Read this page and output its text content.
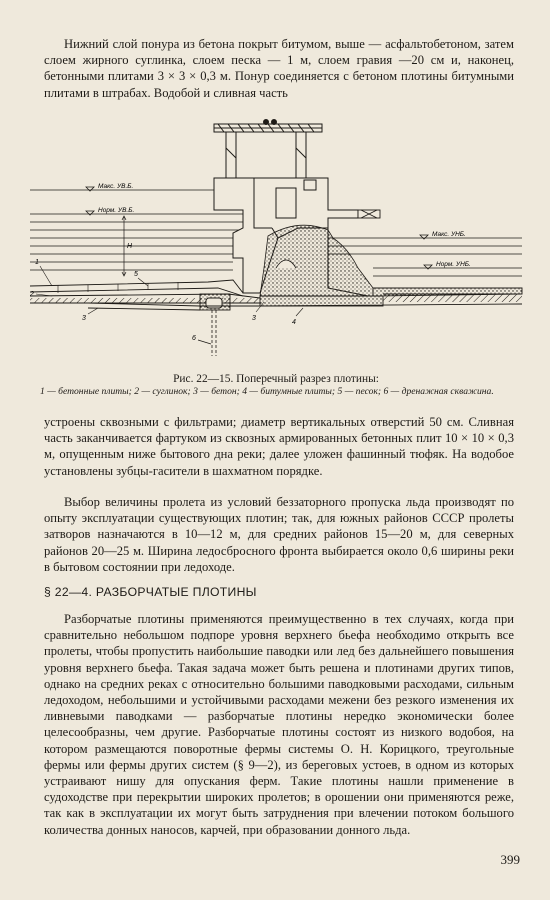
Нижний слой понура из бетона покрыт битумом, выше — асфальтобетоном, затем слоем жирного суглинка, слоем песка — 1 м, слоем гравия —20 см и, наконец, бетонными плитами 3 × 3 × 0,3 м. Понур соединяется с бетоном плотины битумными плитами в штрабах. Водобой и сливная часть

Макс. УВ.Б.
Норм. УВ.Б.
Макс. УНБ.
Норм. УНБ.
H
1
2
3	3
4
5
6
Рис. 22—15. Поперечный разрез плотины:
1 — бетонные плиты; 2 — суглинок; 3 — бетон; 4 — битумные плиты; 5 — песок; 6 — дренажная скважина.

устроены сквозными с фильтрами; диаметр вертикальных отверстий 50 см. Сливная часть заканчивается фартуком из сквозных армированных бетонных плит 10 × 10 × 0,3 м, опущенным ниже бытового дна реки; далее уложен фашинный тюфяк. На водобое установлены зубцы-гасители в шахматном порядке.

Выбор величины пролета из условий беззаторного пропуска льда производят по опыту эксплуатации существующих плотин; так, для южных районов СССР пролеты затворов назначаются в 10—12 м, для средних районов 15—20 м, для северных районов 20—25 м. Ширина ледосбросного фронта выбирается около 0,6 ширины реки в бытовом состоянии при ледоходе.

§ 22—4. РАЗБОРЧАТЫЕ ПЛОТИНЫ

Разборчатые плотины применяются преимущественно в тех случаях, когда при сравнительно небольшом подпоре уровня верхнего бьефа необходимо открыть все пролеты, чтобы пропустить наибольшие паводки или лед без дальнейшего повышения уровня верхнего бьефа. Такая задача может быть решена и плотинами других типов, однако на средних реках с относительно большими паводковыми расходами, сильным ледоходом, небольшими и устойчивыми расходами межени без резкого изменения их ливневыми паводками — разборчатые плотины нередко экономически более целесообразны, чем другие. Разборчатые плотины состоят из низкого водобоя, на котором размещаются поворотные фермы системы О. Н. Корицкого, треугольные фермы или фермы других систем (§ 9—2), из береговых устоев, в одном из которых устраивают нишу для опускания ферм. Такие плотины нашли применение в судоходстве при перекрытии широких пролетов; в орошении они применяются реже, так как в эксплуатации их могут быть затруднения при влечении потоком большого количества донных наносов, карчей, при образовании донного льда.

399
